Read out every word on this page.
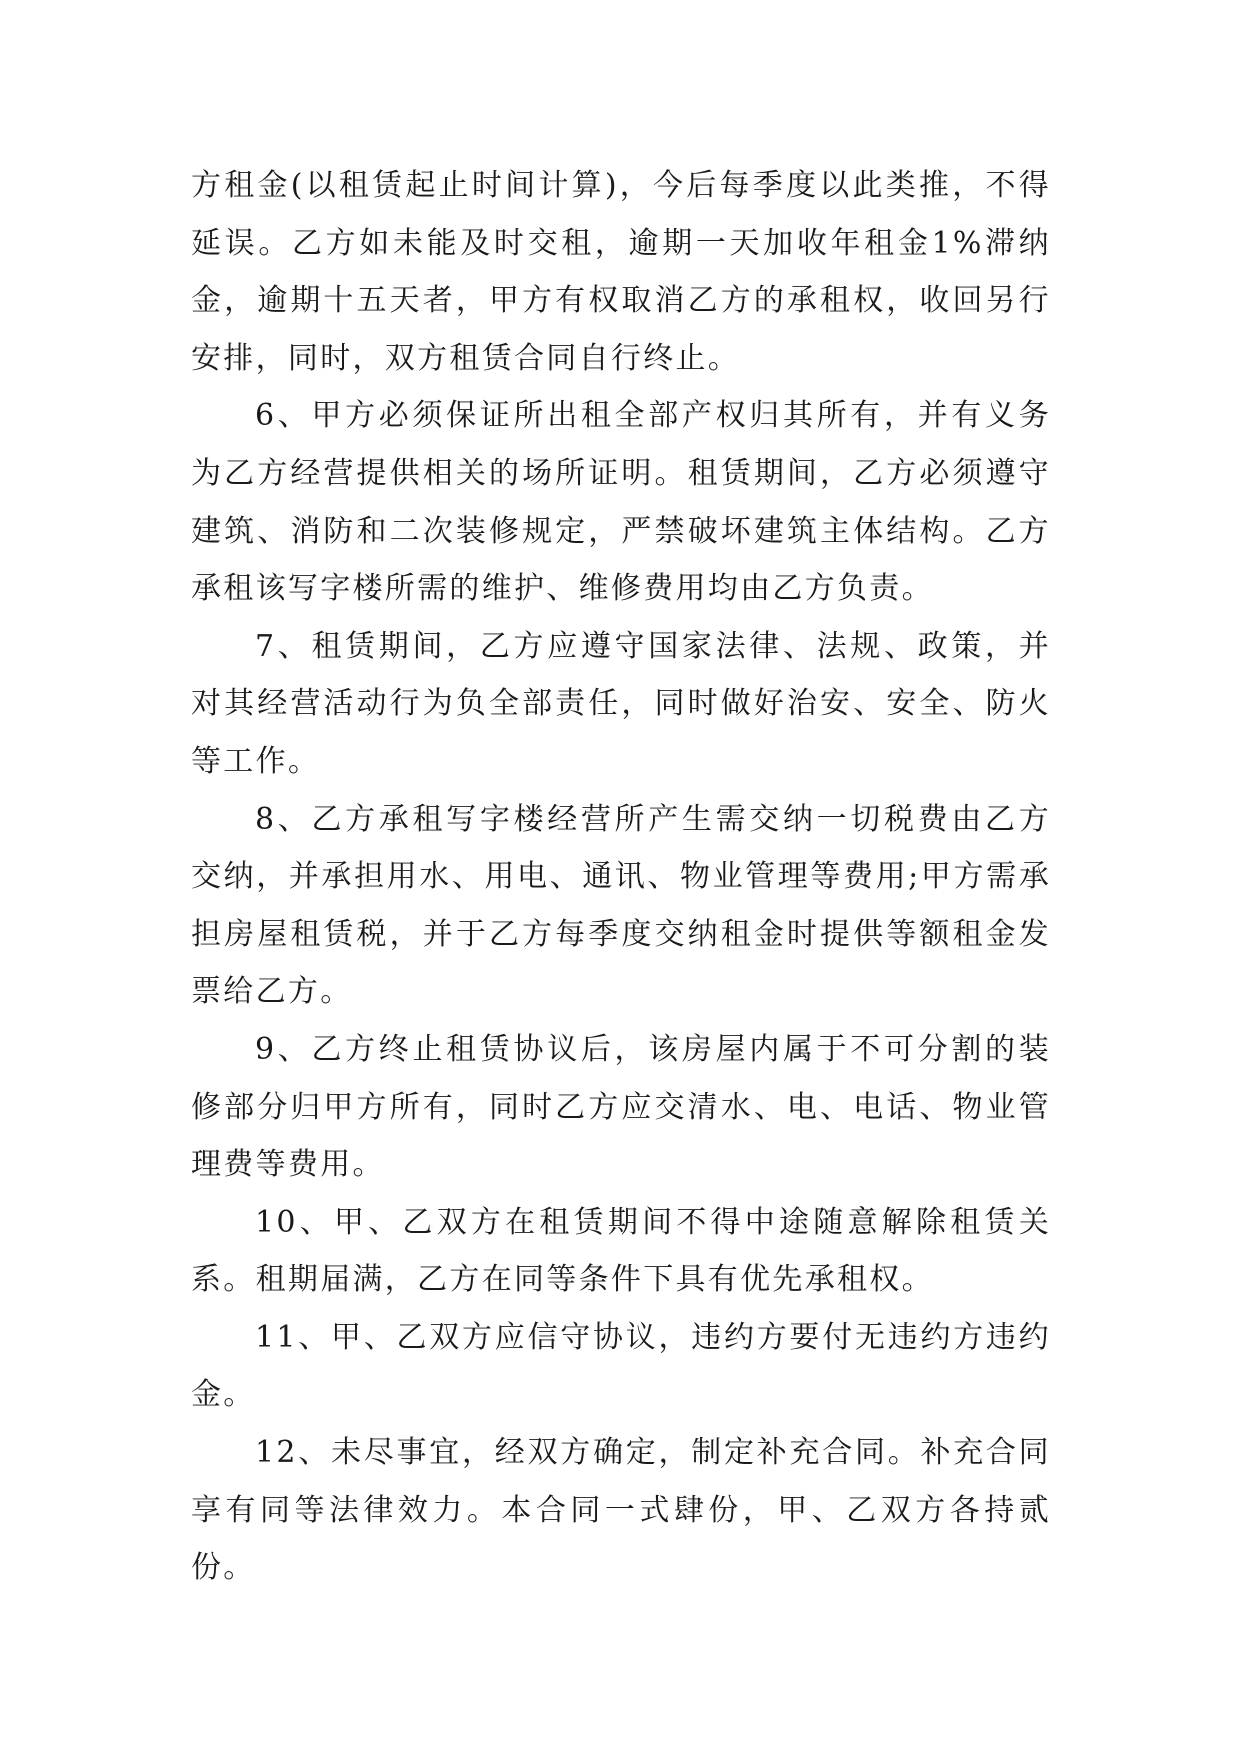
方租金(以租赁起止时间计算)，今后每季度以此类推，不得延误。乙方如未能及时交租，逾期一天加收年租金1%滞纳金，逾期十五天者，甲方有权取消乙方的承租权，收回另行安排，同时，双方租赁合同自行终止。

6、甲方必须保证所出租全部产权归其所有，并有义务为乙方经营提供相关的场所证明。租赁期间，乙方必须遵守建筑、消防和二次装修规定，严禁破坏建筑主体结构。乙方承租该写字楼所需的维护、维修费用均由乙方负责。

7、租赁期间，乙方应遵守国家法律、法规、政策，并对其经营活动行为负全部责任，同时做好治安、安全、防火等工作。

8、乙方承租写字楼经营所产生需交纳一切税费由乙方交纳，并承担用水、用电、通讯、物业管理等费用;甲方需承担房屋租赁税，并于乙方每季度交纳租金时提供等额租金发票给乙方。

9、乙方终止租赁协议后，该房屋内属于不可分割的装修部分归甲方所有，同时乙方应交清水、电、电话、物业管理费等费用。

10、甲、乙双方在租赁期间不得中途随意解除租赁关系。租期届满，乙方在同等条件下具有优先承租权。

11、甲、乙双方应信守协议，违约方要付无违约方违约金。

12、未尽事宜，经双方确定，制定补充合同。补充合同享有同等法律效力。本合同一式肆份，甲、乙双方各持贰份。
